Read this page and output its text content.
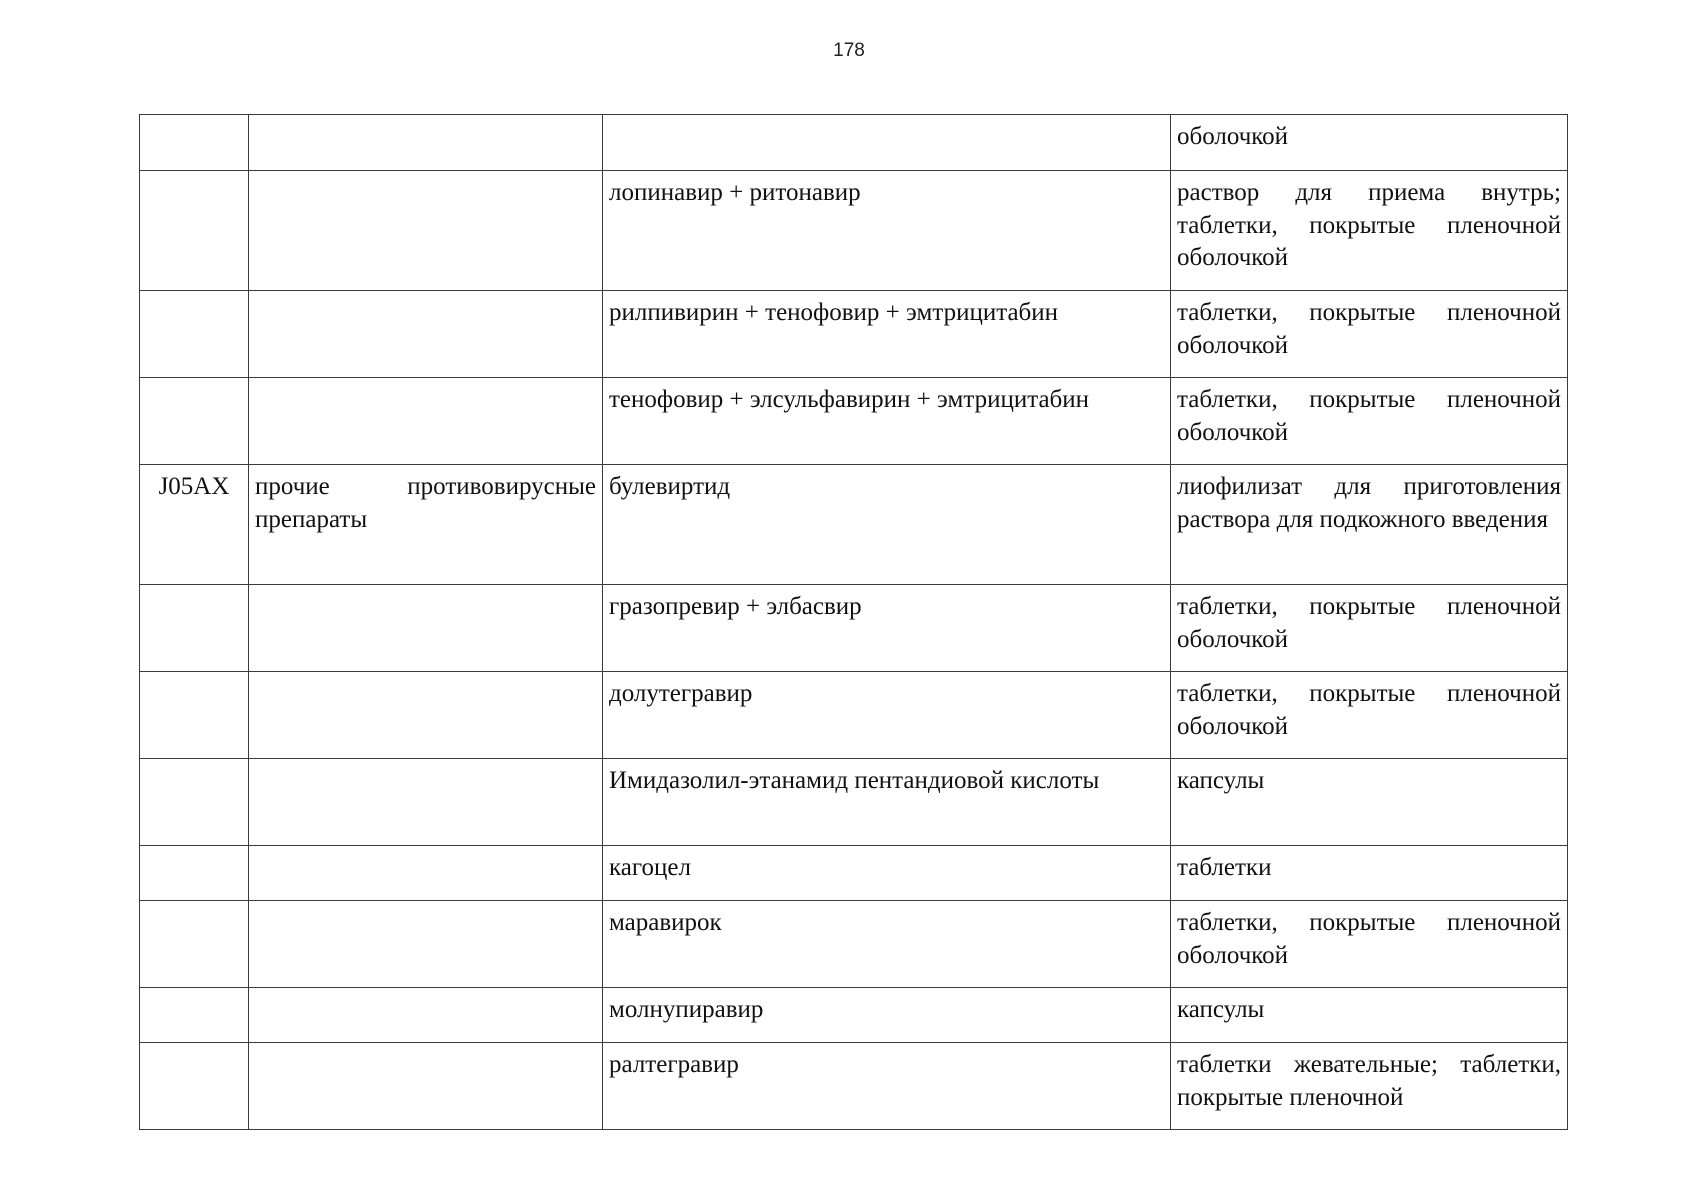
178

			оболочкой

		лопинавир + ритонавир	раствор для приема внутрь; таблетки, покрытые пленочной оболочкой

		рилпивирин + тенофовир + эмтрицитабин	таблетки, покрытые пленочной оболочкой

		тенофовир + элсульфавирин + эмтрицитабин	таблетки, покрытые пленочной оболочкой

J05AX	прочие противовирусные препараты	булевиртид	лиофилизат для приготовления раствора для подкожного введения

		гразопревир + элбасвир	таблетки, покрытые пленочной оболочкой

		долутегравир	таблетки, покрытые пленочной оболочкой

		Имидазолил-этанамид пентандиовой кислоты	капсулы

		кагоцел	таблетки

		маравирок	таблетки, покрытые пленочной оболочкой

		молнупиравир	капсулы

		ралтегравир	таблетки жевательные; таблетки, покрытые пленочной
